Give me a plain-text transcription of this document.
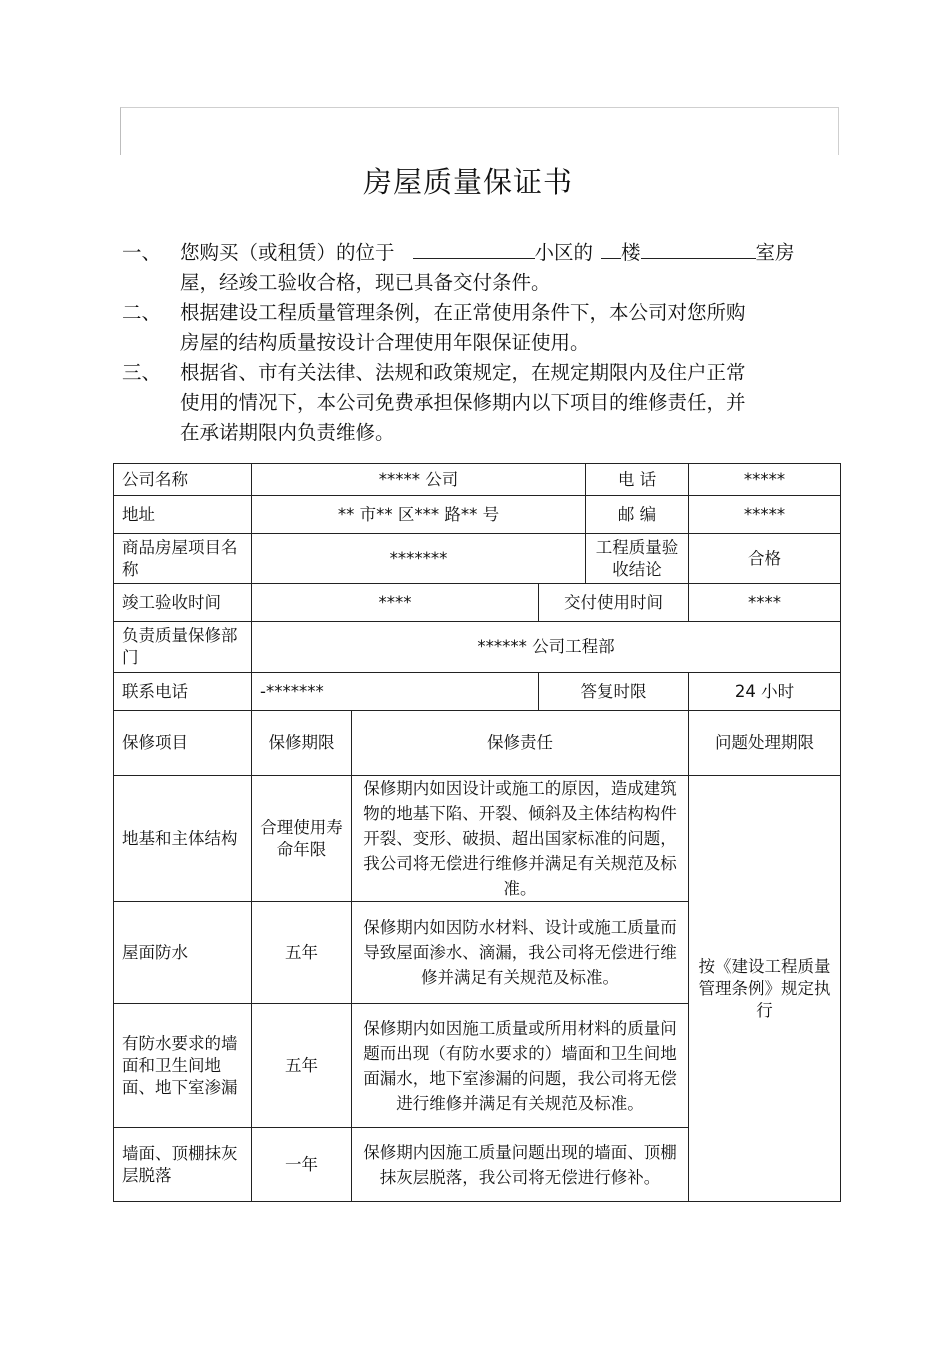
房屋质量保证书
一、 您购买（或租赁）的位于	小区的 楼	室房
屋，经竣工验收合格，现已具备交付条件。
二、 根据建设工程质量管理条例，在正常使用条件下，本公司对您所购
房屋的结构质量按设计合理使用年限保证使用。
三、 根据省、市有关法律、法规和政策规定，在规定期限内及住户正常
使用的情况下，本公司免费承担保修期内以下项目的维修责任，并
在承诺期限内负责维修。
公司名称	***** 公司			电 话	*****
地址	** 市** 区*** 路** 号			邮 编	*****
商品房屋项目名称	*******			工程质量验收结论	合格
竣工验收时间	****		交付使用时间		****
负责质量保修部门	****** 公司工程部				
联系电话	-*******		答复时限		24 小时
保修项目	保修期限	保修责任			问题处理期限
地基和主体结构	合理使用寿命年限	保修期内如因设计或施工的原因，造成建筑物的地基下陷、开裂、倾斜及主体结构构件开裂、变形、破损、超出国家标准的问题，我公司将无偿进行维修并满足有关规范及标准。			按《建设工程质量管理条例》规定执行
屋面防水	五年	保修期内如因防水材料、设计或施工质量而导致屋面渗水、滴漏，我公司将无偿进行维修并满足有关规范及标准。			
有防水要求的墙面和卫生间地面、地下室渗漏	五年	保修期内如因施工质量或所用材料的质量问题而出现（有防水要求的）墙面和卫生间地面漏水，地下室渗漏的问题，我公司将无偿进行维修并满足有关规范及标准。			
墙面、顶棚抹灰层脱落	一年	保修期内因施工质量问题出现的墙面、顶棚抹灰层脱落，我公司将无偿进行修补。			
